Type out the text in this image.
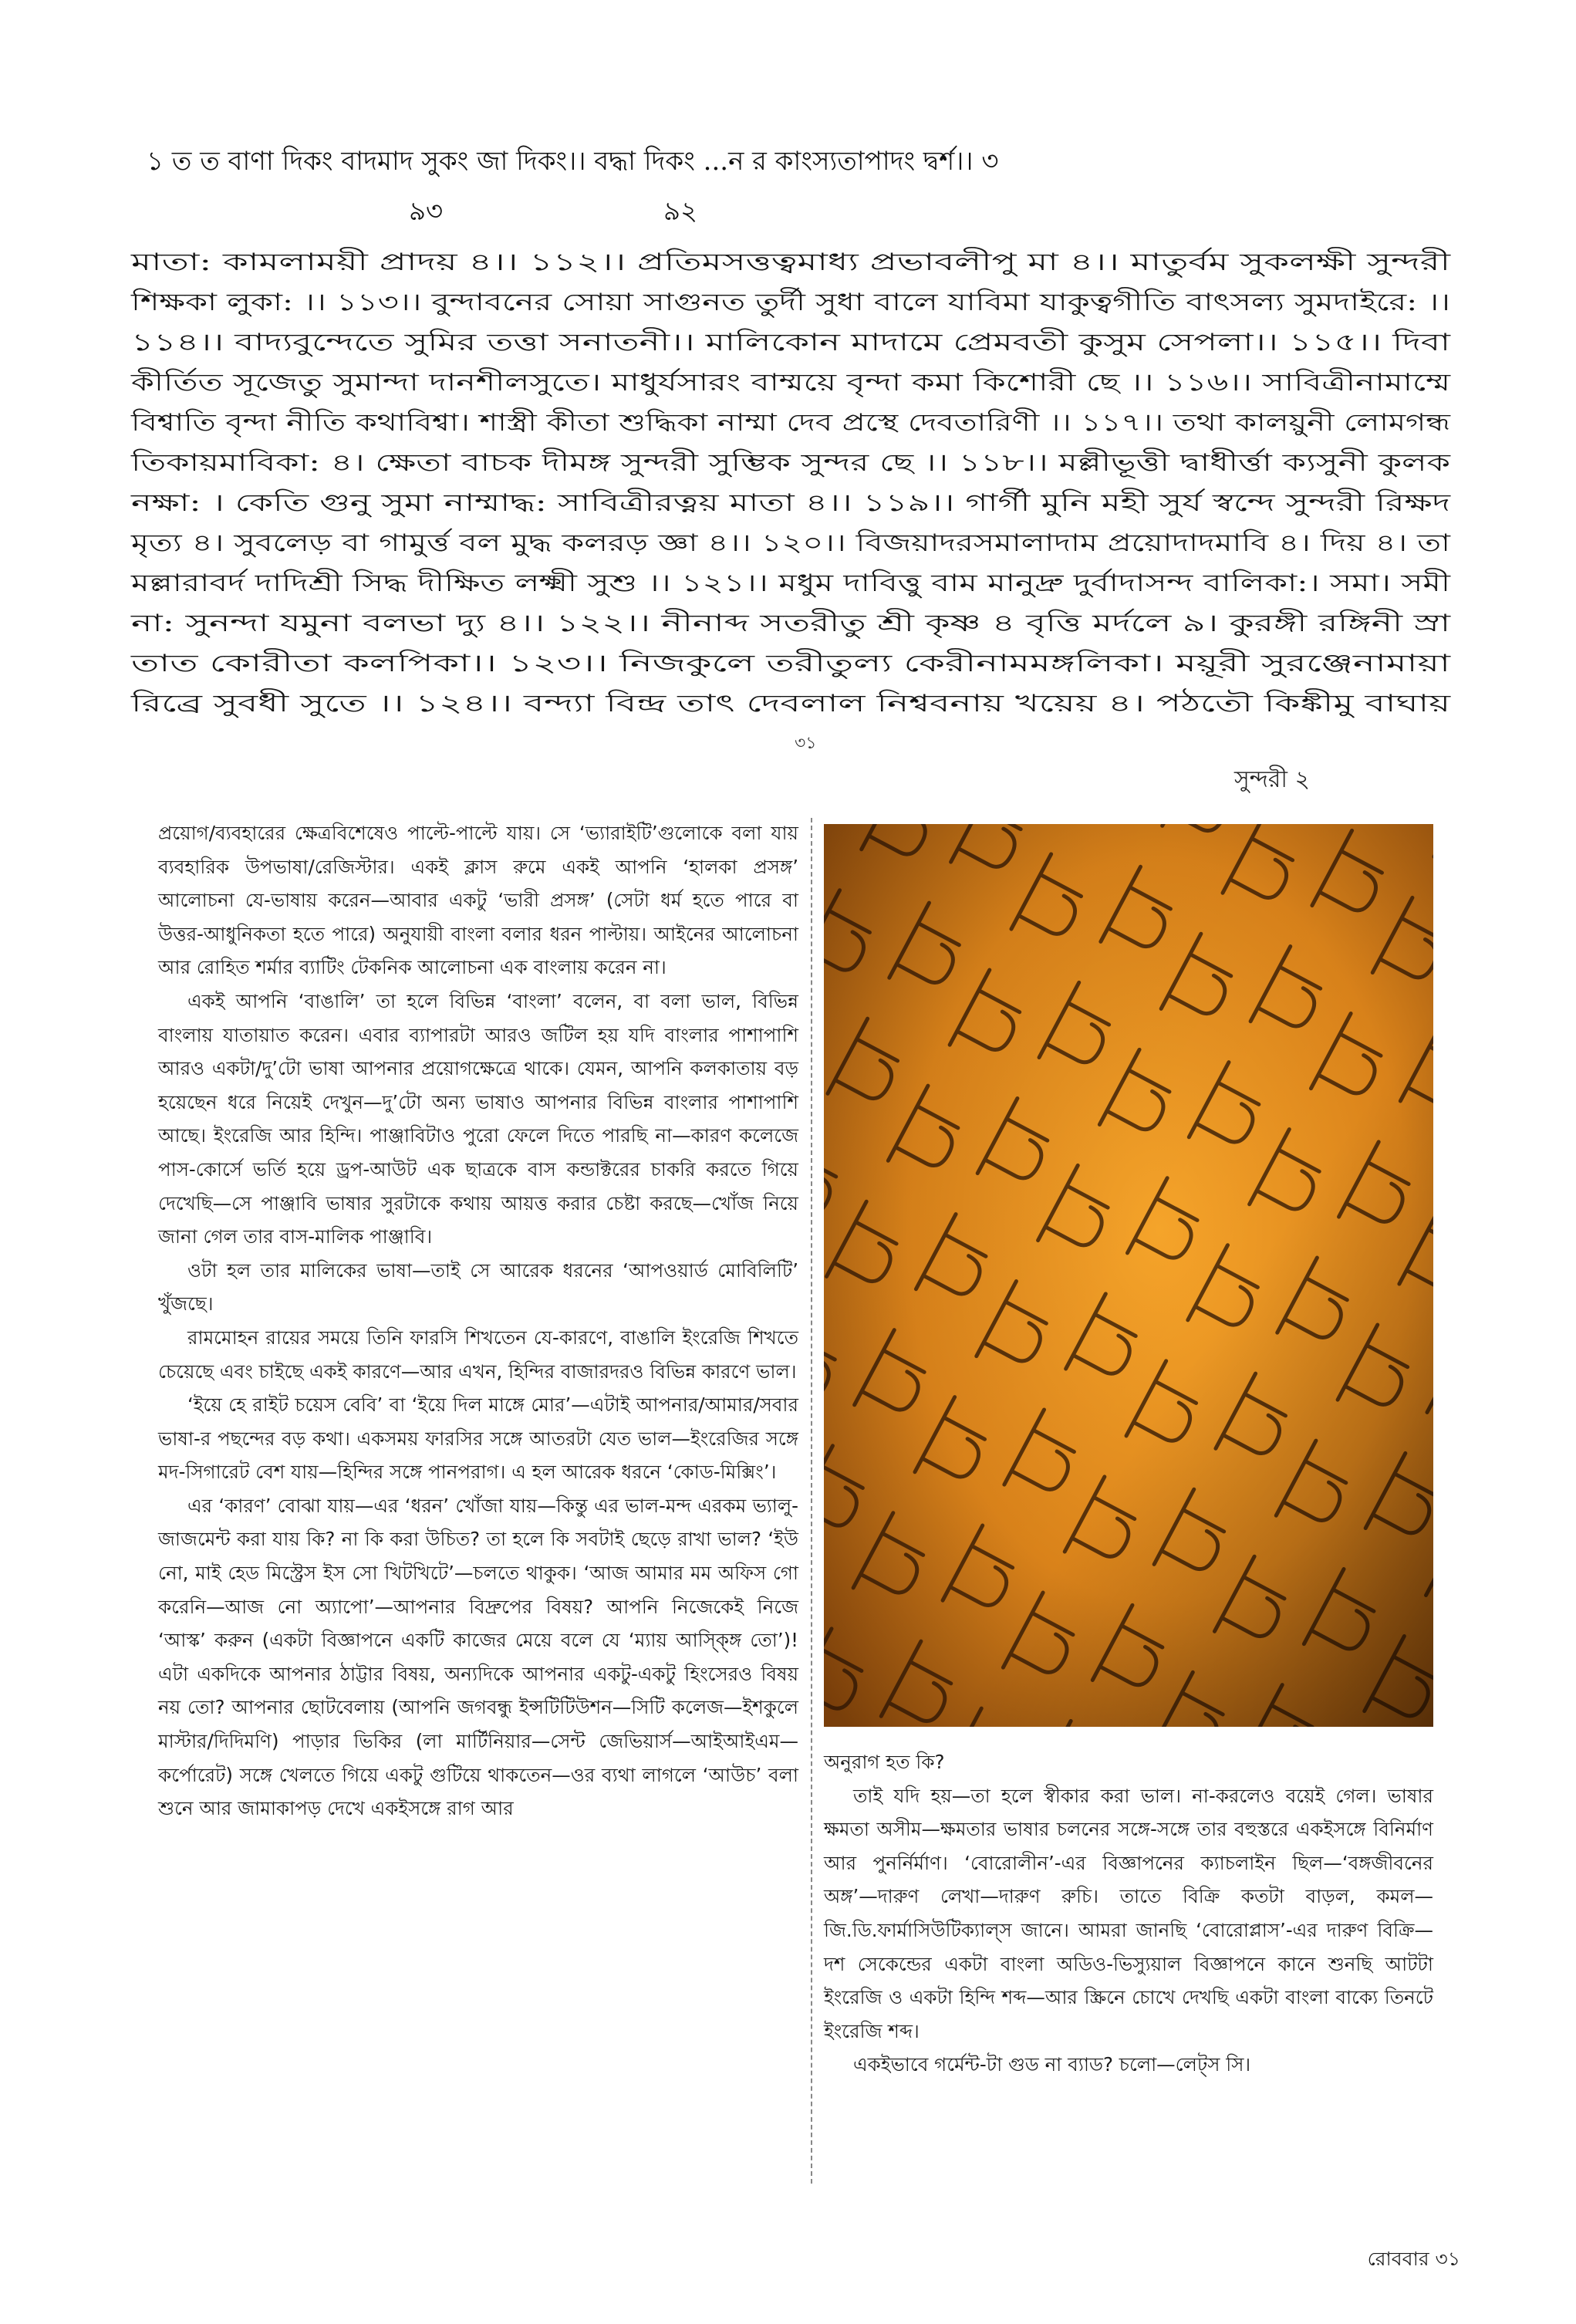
১ ত ত বাণা দিকং বাদমাদ সুকং জা দিকং।। বদ্ধা দিকং ...ন র কাংস্যতাপাদং দ্বর্শ।। ৩
৯৩	৯২
মাতা: কামলাময়ী প্রাদয় ৪।। ১১২।। প্রতিমসত্তত্বমাধ্য প্রভাবলীপু মা ৪।। মাতুর্বম সুকলক্ষী সুন্দরী
শিক্ষকা লুকা: ।। ১১৩।। বুন্দাবনের সোয়া সাগুনত তুর্দী সুধা বালে যাবিমা যাকুত্বগীতি বাৎসল্য সুমদাইরে: ।।
১১৪।। বাদ্যবুন্দেতে সুমির তত্তা সনাতনী।। মালিকোন মাদামে প্রেমবতী কুসুম সেপলা।। ১১৫।। দিবা
কীর্তিত সূজেতু সুমান্দা দানশীলসুতে। মাধুর্যসারং বাম্ময়ে বৃন্দা কমা কিশোরী ছে ।। ১১৬।। সাবিত্রীনামাম্মে
বিশ্বাতি বৃন্দা নীতি কথাবিশ্বা। শাস্ত্রী কীতা শুদ্ধিকা নাম্মা দেব প্রস্থে দেবতারিণী ।। ১১৭।। তথা কালয়ুনী লোমগন্ধ
তিকায়মাবিকা: ৪। ক্ষেতা বাচক দীমঙ্গ সুন্দরী সুম্ভিক সুন্দর ছে ।। ১১৮।। মল্লীভূত্তী দ্বাধীর্ত্তা ক্যসুনী কুলক
নক্ষা: । কেতি গুনু সুমা নাম্মাদ্ধ: সাবিত্রীরত্নয় মাতা ৪।। ১১৯।। গার্গী মুনি মহী সুর্য স্বন্দে সুন্দরী রিক্ষদ
মৃত্য ৪। সুবলেড় বা গামুর্ত্ত বল মুদ্ধ কলরড় জ্ঞা ৪।। ১২০।। বিজয়াদরসমালাদাম প্রয়োদাদমাবি ৪। দিয় ৪। তা
মল্লারাবর্দ দাদিশ্রী সিদ্ধ দীক্ষিত লক্ষ্মী সুশু ।। ১২১।। মধুম দাবিত্তু বাম মানুদ্রু দুর্বাদাসন্দ বালিকা:। সমা। সমী
না: সুনন্দা যমুনা বলভা দ্যু ৪।। ১২২।। নীনাব্দ সতরীতু শ্রী কৃষ্ণ ৪ বৃত্তি মর্দলে ৯। কুরঙ্গী রঙ্গিনী স্রা
তাত কোরীতা কলপিকা।। ১২৩।। নিজকুলে তরীতুল্য কেরীনামমঙ্গলিকা। ময়ূরী সুরঞ্জেনামায়া
রিব্রে সুবধী সুতে ।। ১২৪।। বন্দ্যা বিন্দ্র তাৎ দেবলাল নিশ্ববনায় খয়েয় ৪। পঠতৌ কিঙ্কীমু বাঘায়
সুন্দরী ২
৩১

প্রয়োগ/ব্যবহারের ক্ষেত্রবিশেষেও পাল্টে-পাল্টে যায়। সে ‘ভ্যারাইটি’গুলোকে বলা যায় ব্যবহারিক উপভাষা/রেজিস্টার। একই ক্লাস রুমে একই আপনি ‘হালকা প্রসঙ্গ’ আলোচনা যে-ভাষায় করেন—আবার একটু ‘ভারী প্রসঙ্গ’ (সেটা ধর্ম হতে পারে বা উত্তর-আধুনিকতা হতে পারে) অনুযায়ী বাংলা বলার ধরন পাল্টায়। আইনের আলোচনা আর রোহিত শর্মার ব্যাটিং টেকনিক আলোচনা এক বাংলায় করেন না।

একই আপনি ‘বাঙালি’ তা হলে বিভিন্ন ‘বাংলা’ বলেন, বা বলা ভাল, বিভিন্ন বাংলায় যাতায়াত করেন। এবার ব্যাপারটা আরও জটিল হয় যদি বাংলার পাশাপাশি আরও একটা/দু’টো ভাষা আপনার প্রয়োগক্ষেত্রে থাকে। যেমন, আপনি কলকাতায় বড় হয়েছেন ধরে নিয়েই দেখুন—দু’টো অন্য ভাষাও আপনার বিভিন্ন বাংলার পাশাপাশি আছে। ইংরেজি আর হিন্দি। পাঞ্জাবিটাও পুরো ফেলে দিতে পারছি না—কারণ কলেজে পাস-কোর্সে ভর্তি হয়ে ড্রপ-আউট এক ছাত্রকে বাস কন্ডাক্টরের চাকরি করতে গিয়ে দেখেছি—সে পাঞ্জাবি ভাষার সুরটাকে কথায় আয়ত্ত করার চেষ্টা করছে—খোঁজ নিয়ে জানা গেল তার বাস-মালিক পাঞ্জাবি।

ওটা হল তার মালিকের ভাষা—তাই সে আরেক ধরনের ‘আপওয়ার্ড মোবিলিটি’ খুঁজছে।

রামমোহন রায়ের সময়ে তিনি ফারসি শিখতেন যে-কারণে, বাঙালি ইংরেজি শিখতে চেয়েছে এবং চাইছে একই কারণে—আর এখন, হিন্দির বাজারদরও বিভিন্ন কারণে ভাল।

‘ইয়ে হে রাইট চয়েস বেবি’ বা ‘ইয়ে দিল মাঙ্গে মোর’—এটাই আপনার/আমার/সবার ভাষা-র পছন্দের বড় কথা। একসময় ফারসির সঙ্গে আতরটা যেত ভাল—ইংরেজির সঙ্গে মদ-সিগারেট বেশ যায়—হিন্দির সঙ্গে পানপরাগ। এ হল আরেক ধরনে ‘কোড-মিক্সিং’।

এর ‘কারণ’ বোঝা যায়—এর ‘ধরন’ খোঁজা যায়—কিন্তু এর ভাল-মন্দ এরকম ভ্যালু-জাজমেন্ট করা যায় কি? না কি করা উচিত? তা হলে কি সবটাই ছেড়ে রাখা ভাল? ‘ইউ নো, মাই হেড মিস্ট্রেস ইস সো খিটখিটে’—চলতে থাকুক। ‘আজ আমার মম অফিস গো করেনি—আজ নো অ্যাপো’—আপনার বিদ্রুপের বিষয়? আপনি নিজেকেই নিজে ‘আস্ক’ করুন (একটা বিজ্ঞাপনে একটি কাজের মেয়ে বলে যে ‘ম্যায় আস্ক্ঙ্গি তো’)! এটা একদিকে আপনার ঠাট্টার বিষয়, অন্যদিকে আপনার একটু-একটু হিংসেরও বিষয় নয় তো? আপনার ছোটবেলায় (আপনি জগবন্ধু ইন্সটিটিউশন—সিটি কলেজ—ইশকুলে মাস্টার/দিদিমণি) পাড়ার ভিকির (লা মার্টিনিয়ার—সেন্ট জেভিয়ার্স—আইআইএম—কর্পোরেট) সঙ্গে খেলতে গিয়ে একটু গুটিয়ে থাকতেন—ওর ব্যথা লাগলে ‘আউচ’ বলা শুনে আর জামাকাপড় দেখে একইসঙ্গে রাগ আর

অনুরাগ হত কি?

তাই যদি হয়—তা হলে স্বীকার করা ভাল। না-করলেও বয়েই গেল। ভাষার ক্ষমতা অসীম—ক্ষমতার ভাষার চলনের সঙ্গে-সঙ্গে তার বহুস্তরে একইসঙ্গে বিনির্মাণ আর পুনর্নির্মাণ। ‘বোরোলীন’-এর বিজ্ঞাপনের ক্যাচলাইন ছিল—‘বঙ্গজীবনের অঙ্গ’—দারুণ লেখা—দারুণ রুচি। তাতে বিক্রি কতটা বাড়ল, কমল—জি.ডি.ফার্মাসিউটিক্যাল্স জানে। আমরা জানছি ‘বোরোপ্লাস’-এর দারুণ বিক্রি—দশ সেকেন্ডের একটা বাংলা অডিও-ভিস্যুয়াল বিজ্ঞাপনে কানে শুনছি আটটা ইংরেজি ও একটা হিন্দি শব্দ—আর স্ক্রিনে চোখে দেখছি একটা বাংলা বাক্যে তিনটে ইংরেজি শব্দ।

একইভাবে গর্মেন্ট-টা গুড না ব্যাড? চলো—লেট্স সি।

রোববার ৩১
